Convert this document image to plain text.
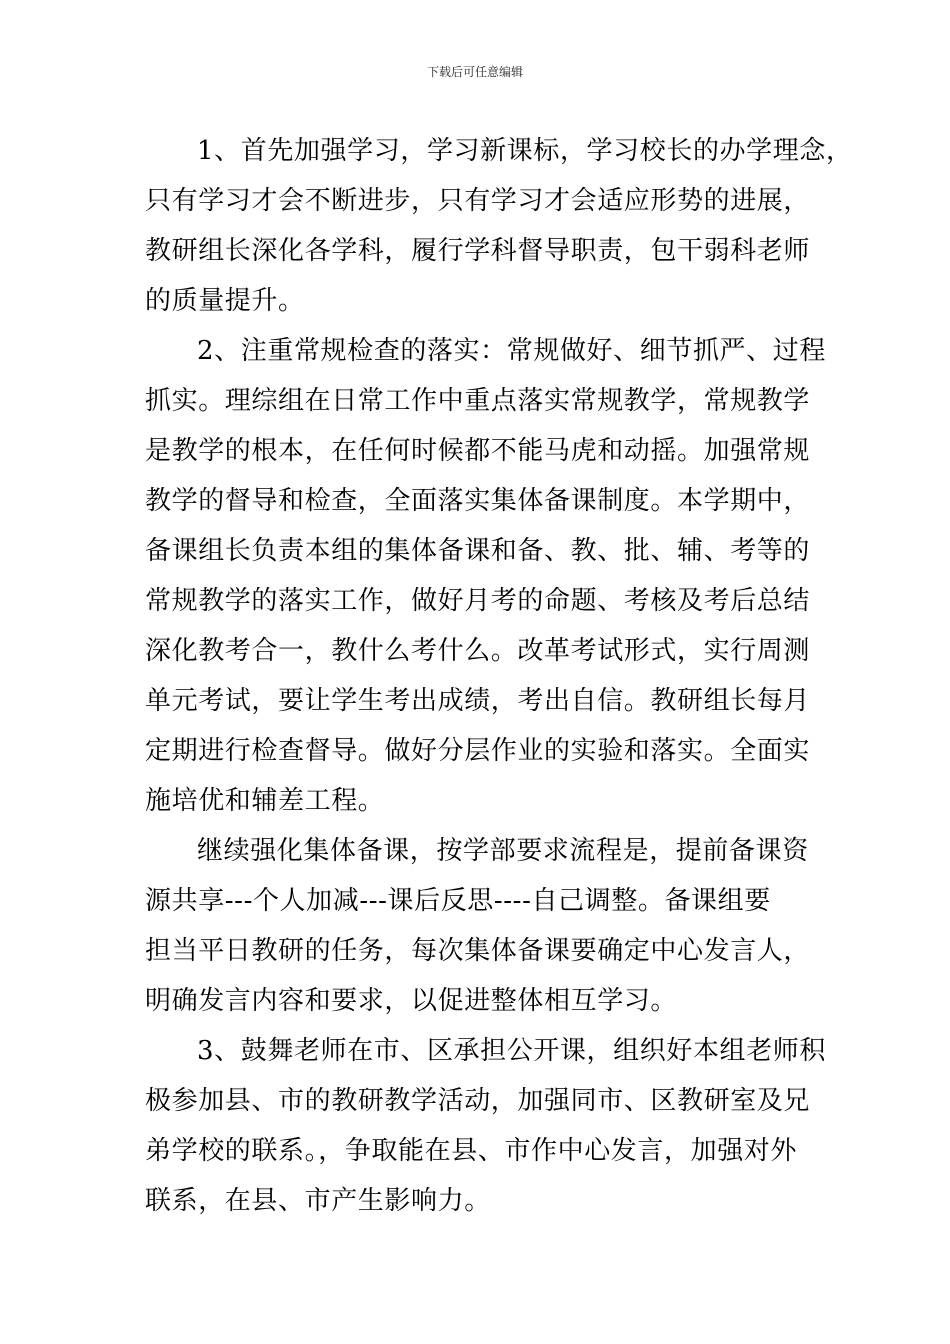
下载后可任意编辑
1、首先加强学习，学习新课标，学习校长的办学理念，
只有学习才会不断进步，只有学习才会适应形势的进展，
教研组长深化各学科，履行学科督导职责，包干弱科老师
的质量提升。
2、注重常规检查的落实：常规做好、细节抓严、过程
抓实。理综组在日常工作中重点落实常规教学，常规教学
是教学的根本，在任何时候都不能马虎和动摇。加强常规
教学的督导和检查，全面落实集体备课制度。本学期中，
备课组长负责本组的集体备课和备、教、批、辅、考等的
常规教学的落实工作，做好月考的命题、考核及考后总结
深化教考合一，教什么考什么。改革考试形式，实行周测
单元考试，要让学生考出成绩，考出自信。教研组长每月
定期进行检查督导。做好分层作业的实验和落实。全面实
施培优和辅差工程。
继续强化集体备课，按学部要求流程是，提前备课资
源共享---个人加减---课后反思----自己调整。备课组要
担当平日教研的任务，每次集体备课要确定中心发言人，
明确发言内容和要求，以促进整体相互学习。
3、鼓舞老师在市、区承担公开课，组织好本组老师积
极参加县、市的教研教学活动，加强同市、区教研室及兄
弟学校的联系。，争取能在县、市作中心发言，加强对外
联系，在县、市产生影响力。
